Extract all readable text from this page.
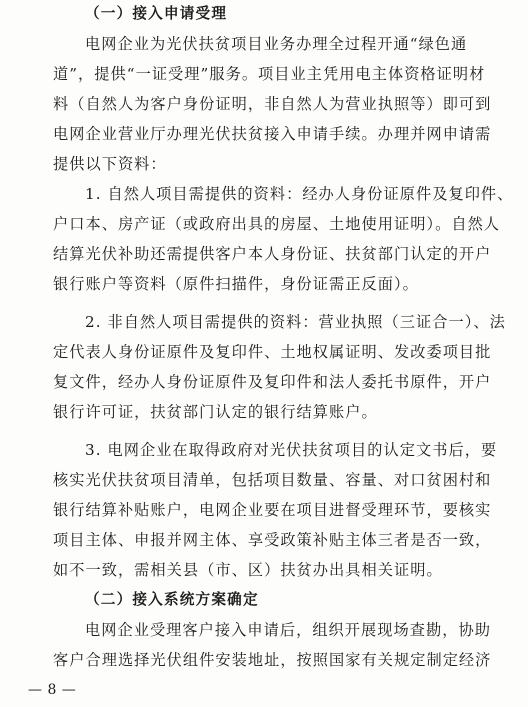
（一）接入申请受理
电网企业为光伏扶贫项目业务办理全过程开通“绿色通
道”，提供“一证受理”服务。项目业主凭用电主体资格证明材
料（自然人为客户身份证明，非自然人为营业执照等）即可到
电网企业营业厅办理光伏扶贫接入申请手续。办理并网申请需
提供以下资料：
1. 自然人项目需提供的资料：经办人身份证原件及复印件、
户口本、房产证（或政府出具的房屋、土地使用证明）。自然人
结算光伏补助还需提供客户本人身份证、扶贫部门认定的开户
银行账户等资料（原件扫描件，身份证需正反面）。
2. 非自然人项目需提供的资料：营业执照（三证合一）、法
定代表人身份证原件及复印件、土地权属证明、发改委项目批
复文件，经办人身份证原件及复印件和法人委托书原件，开户
银行许可证，扶贫部门认定的银行结算账户。
3. 电网企业在取得政府对光伏扶贫项目的认定文书后，要
核实光伏扶贫项目清单，包括项目数量、容量、对口贫困村和
银行结算补贴账户，电网企业要在项目进督受理环节，要核实
项目主体、申报并网主体、享受政策补贴主体三者是否一致，
如不一致，需相关县（市、区）扶贫办出具相关证明。
（二）接入系统方案确定
电网企业受理客户接入申请后，组织开展现场查勘，协助
客户合理选择光伏组件安装地址，按照国家有关规定制定经济
— 8 —
